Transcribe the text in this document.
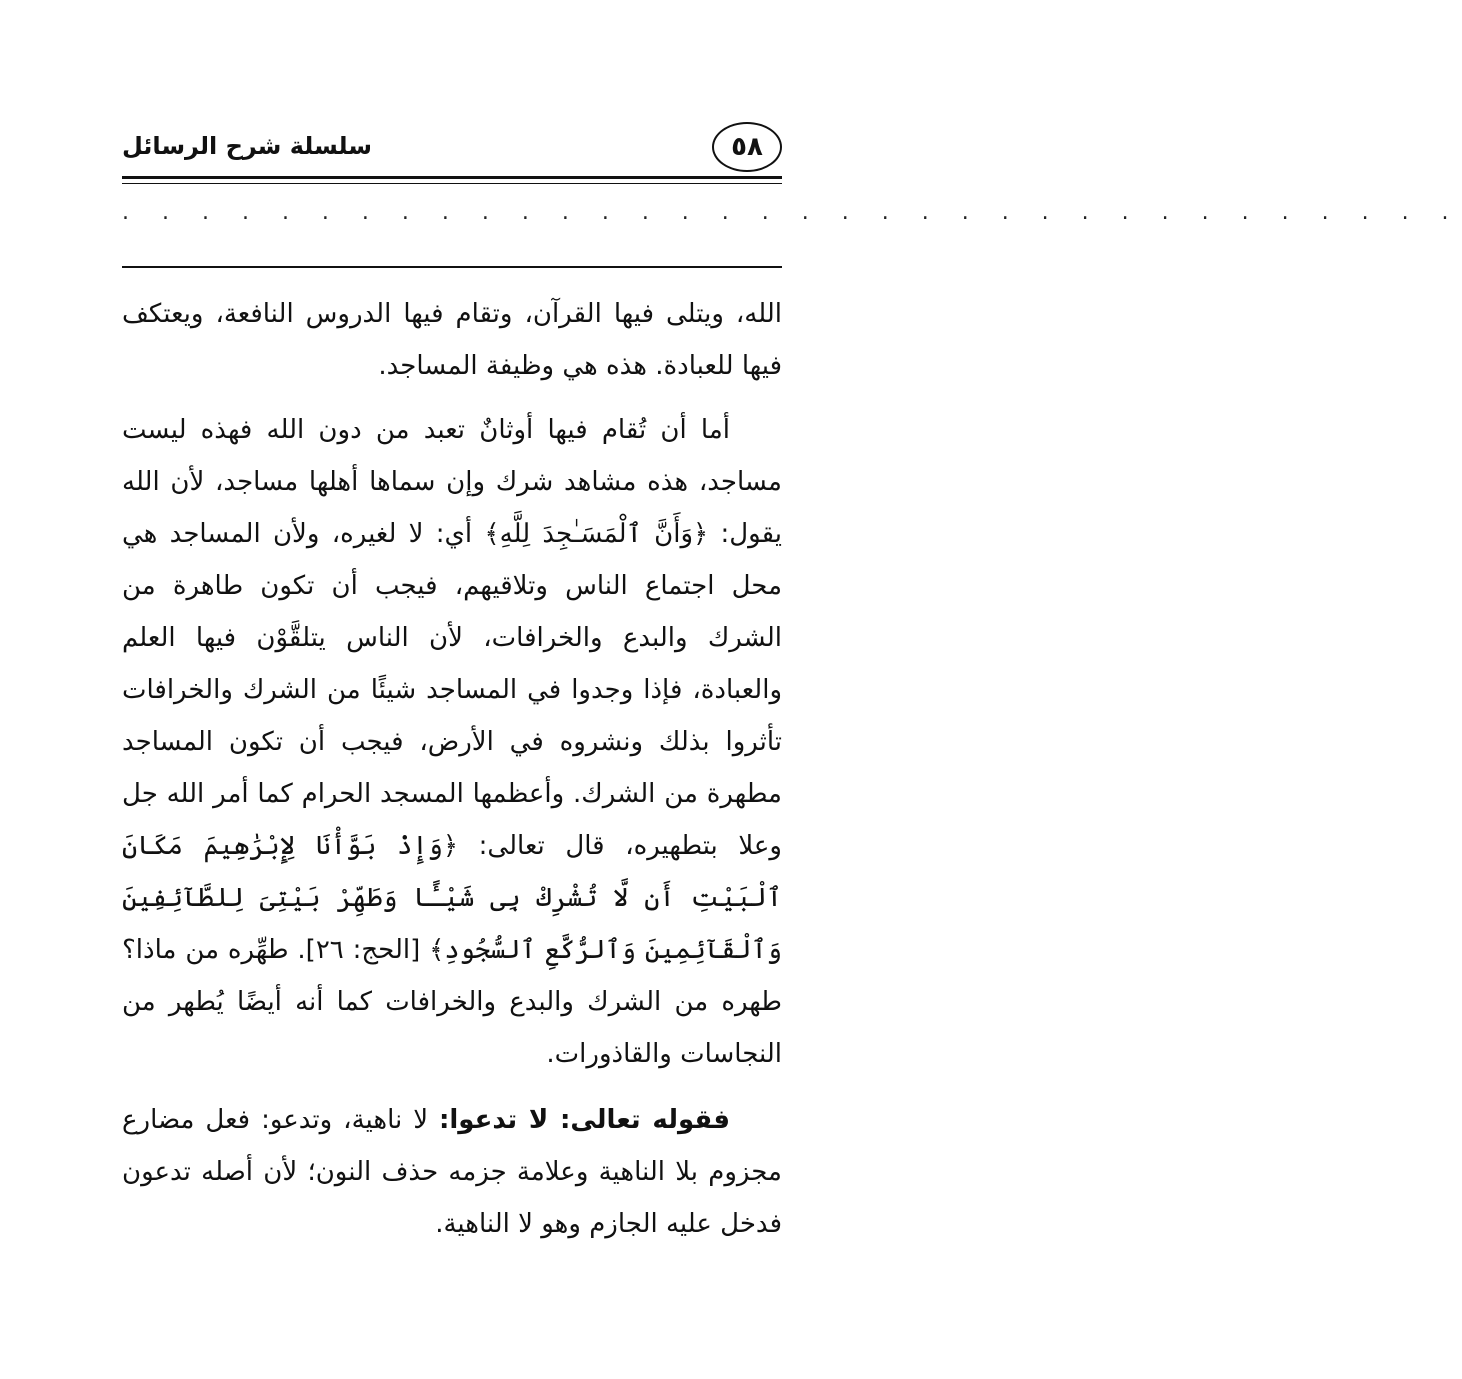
٥٨
سلسلة شرح الرسائل
. . . . . . . . . . . . . . . . . . . . . . . . . . . . . . . . . .

الله، ويتلى فيها القرآن، وتقام فيها الدروس النافعة، ويعتكف فيها للعبادة. هذه هي وظيفة المساجد.

أما أن تُقام فيها أوثانٌ تعبد من دون الله فهذه ليست مساجد، هذه مشاهد شرك وإن سماها أهلها مساجد، لأن الله يقول: ﴿وَأَنَّ ٱلْمَسَـٰجِدَ لِلَّهِ﴾ أي: لا لغيره، ولأن المساجد هي محل اجتماع الناس وتلاقيهم، فيجب أن تكون طاهرة من الشرك والبدع والخرافات، لأن الناس يتلقَّوْن فيها العلم والعبادة، فإذا وجدوا في المساجد شيئًا من الشرك والخرافات تأثروا بذلك ونشروه في الأرض، فيجب أن تكون المساجد مطهرة من الشرك. وأعظمها المسجد الحرام كما أمر الله جل وعلا بتطهيره، قال تعالى: ﴿وَإِذْ بَوَّأْنَا لِإِبْرَٰهِيمَ مَكَانَ ٱلْبَيْتِ أَن لَّا تُشْرِكْ بِى شَيْـًٔا وَطَهِّرْ بَيْتِىَ لِلطَّآئِفِينَ وَٱلْقَآئِمِينَ وَٱلرُّكَّعِ ٱلسُّجُودِ﴾ [الحج: ٢٦]. طهِّره من ماذا؟ طهره من الشرك والبدع والخرافات كما أنه أيضًا يُطهر من النجاسات والقاذورات.

فقوله تعالى: لا تدعوا: لا ناهية، وتدعو: فعل مضارع مجزوم بلا الناهية وعلامة جزمه حذف النون؛ لأن أصله تدعون فدخل عليه الجازم وهو لا الناهية.
